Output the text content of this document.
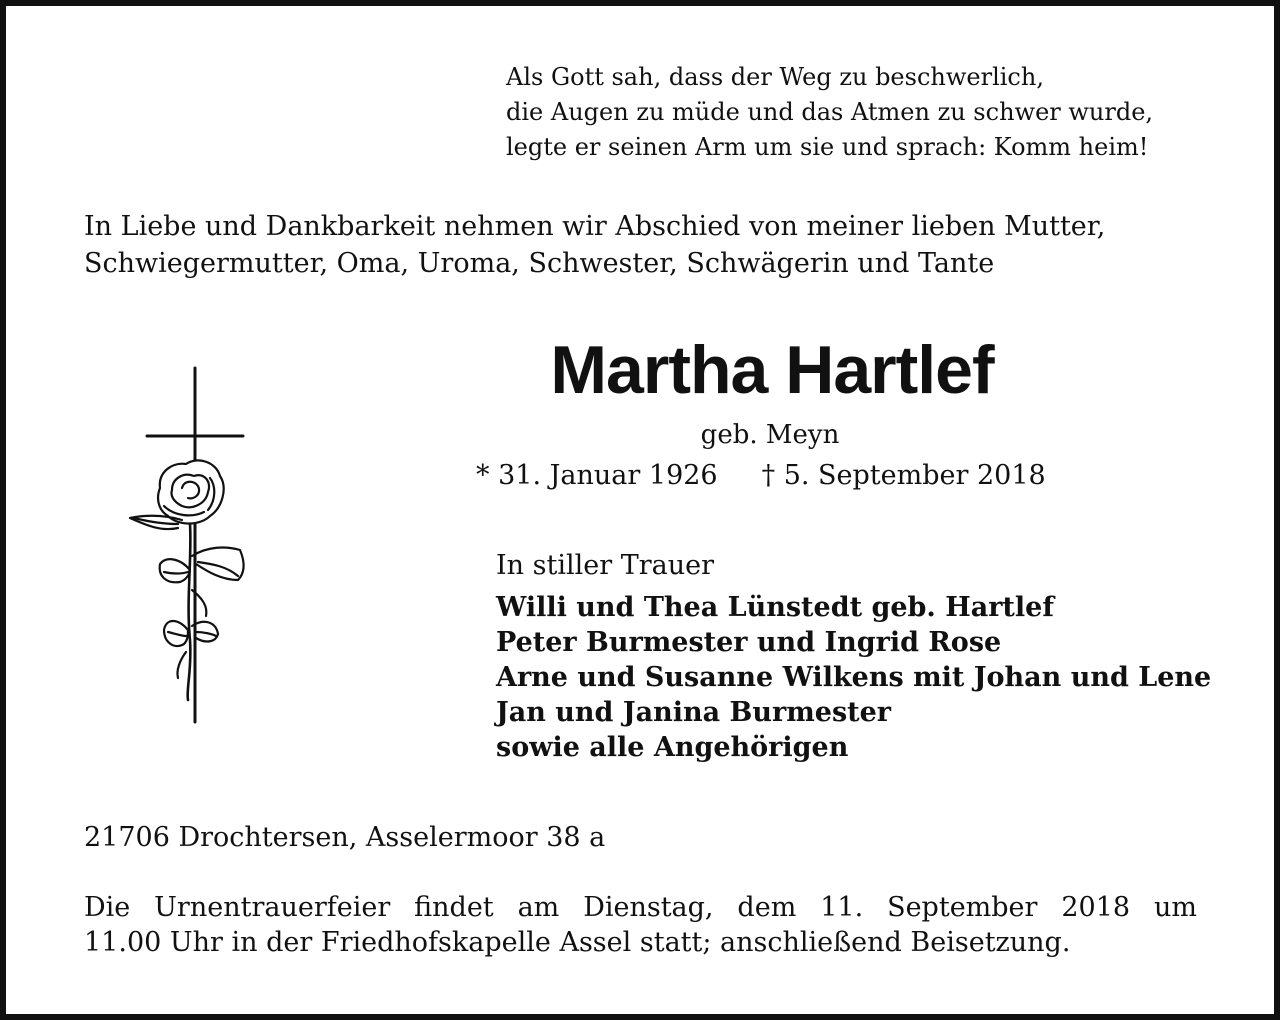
Als Gott sah, dass der Weg zu beschwerlich,
die Augen zu müde und das Atmen zu schwer wurde,
legte er seinen Arm um sie und sprach: Komm heim!
In Liebe und Dankbarkeit nehmen wir Abschied von meiner lieben Mutter,
Schwiegermutter, Oma, Uroma, Schwester, Schwägerin und Tante
Martha Hartlef
geb. Meyn
* 31. Januar 1926 † 5. September 2018
In stiller Trauer
Willi und Thea Lünstedt geb. Hartlef
Peter Burmester und Ingrid Rose
Arne und Susanne Wilkens mit Johan und Lene
Jan und Janina Burmester
sowie alle Angehörigen
21706 Drochtersen, Asselermoor 38 a
Die Urnentrauerfeier findet am Dienstag, dem 11. September 2018 um
11.00 Uhr in der Friedhofskapelle Assel statt; anschließend Beisetzung.
